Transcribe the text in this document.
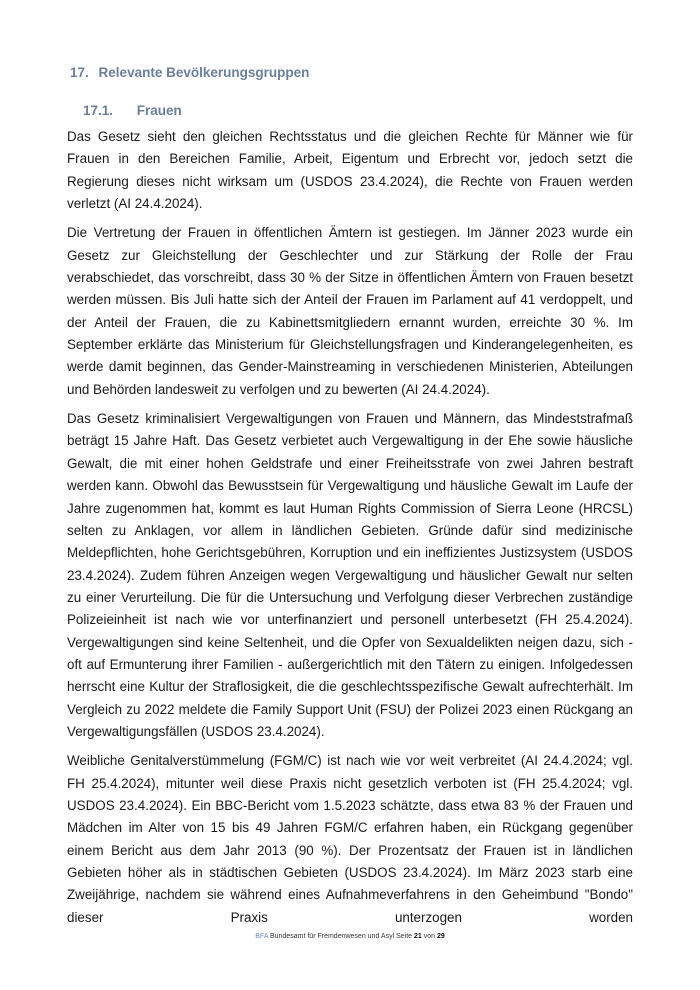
17. Relevante Bevölkerungsgruppen
17.1. Frauen

Das Gesetz sieht den gleichen Rechtsstatus und die gleichen Rechte für Männer wie für Frauen in den Bereichen Familie, Arbeit, Eigentum und Erbrecht vor, jedoch setzt die Regierung dieses nicht wirksam um (USDOS 23.4.2024), die Rechte von Frauen werden verletzt (AI 24.4.2024).

Die Vertretung der Frauen in öffentlichen Ämtern ist gestiegen. Im Jänner 2023 wurde ein Gesetz zur Gleichstellung der Geschlechter und zur Stärkung der Rolle der Frau verabschiedet, das vorschreibt, dass 30 % der Sitze in öffentlichen Ämtern von Frauen besetzt werden müssen. Bis Juli hatte sich der Anteil der Frauen im Parlament auf 41 verdoppelt, und der Anteil der Frauen, die zu Kabinettsmitgliedern ernannt wurden, erreichte 30 %. Im September erklärte das Ministerium für Gleichstellungsfragen und Kinderangelegenheiten, es werde damit beginnen, das Gender-Mainstreaming in verschiedenen Ministerien, Abteilungen und Behörden landesweit zu verfolgen und zu bewerten (AI 24.4.2024).

Das Gesetz kriminalisiert Vergewaltigungen von Frauen und Männern, das Mindeststrafmaß beträgt 15 Jahre Haft. Das Gesetz verbietet auch Vergewaltigung in der Ehe sowie häusliche Gewalt, die mit einer hohen Geldstrafe und einer Freiheitsstrafe von zwei Jahren bestraft werden kann. Obwohl das Bewusstsein für Vergewaltigung und häusliche Gewalt im Laufe der Jahre zugenommen hat, kommt es laut Human Rights Commission of Sierra Leone (HRCSL) selten zu Anklagen, vor allem in ländlichen Gebieten. Gründe dafür sind medizinische Meldepflichten, hohe Gerichtsgebühren, Korruption und ein ineffizientes Justizsystem (USDOS 23.4.2024). Zudem führen Anzeigen wegen Vergewaltigung und häuslicher Gewalt nur selten zu einer Verurteilung. Die für die Untersuchung und Verfolgung dieser Verbrechen zuständige Polizeieinheit ist nach wie vor unterfinanziert und personell unterbesetzt (FH 25.4.2024). Vergewaltigungen sind keine Seltenheit, und die Opfer von Sexualdelikten neigen dazu, sich - oft auf Ermunterung ihrer Familien - außergerichtlich mit den Tätern zu einigen. Infolgedessen herrscht eine Kultur der Straflosigkeit, die die geschlechtsspezifische Gewalt aufrechterhält. Im Vergleich zu 2022 meldete die Family Support Unit (FSU) der Polizei 2023 einen Rückgang an Vergewaltigungsfällen (USDOS 23.4.2024).

Weibliche Genitalverstümmelung (FGM/C) ist nach wie vor weit verbreitet (AI 24.4.2024; vgl. FH 25.4.2024), mitunter weil diese Praxis nicht gesetzlich verboten ist (FH 25.4.2024; vgl. USDOS 23.4.2024). Ein BBC-Bericht vom 1.5.2023 schätzte, dass etwa 83 % der Frauen und Mädchen im Alter von 15 bis 49 Jahren FGM/C erfahren haben, ein Rückgang gegenüber einem Bericht aus dem Jahr 2013 (90 %). Der Prozentsatz der Frauen ist in ländlichen Gebieten höher als in städtischen Gebieten (USDOS 23.4.2024). Im März 2023 starb eine Zweijährige, nachdem sie während eines Aufnahmeverfahrens in den Geheimbund "Bondo" dieser Praxis unterzogen worden

BFA Bundesamt für Fremdenwesen und Asyl Seite 21 von 29
